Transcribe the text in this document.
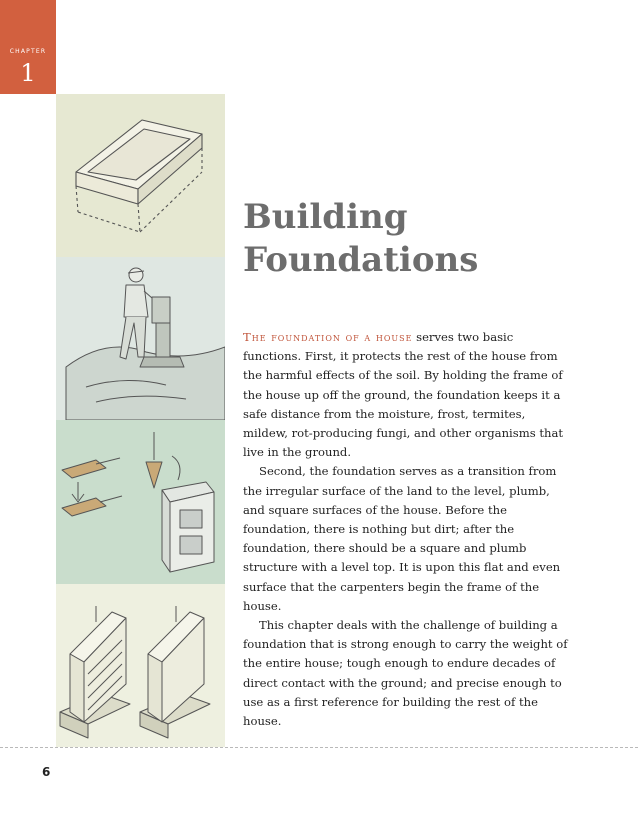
CHAPTER
1
Building
Foundations

The foundation of a house serves two basic functions. First, it protects the rest of the house from the harmful effects of the soil. By holding the frame of the house up off the ground, the foundation keeps it a safe distance from the moisture, frost, termites, mildew, rot-producing fungi, and other organisms that live in the ground.

Second, the foundation serves as a transition from the irregular surface of the land to the level, plumb, and square surfaces of the house. Before the foundation, there is nothing but dirt; after the foundation, there should be a square and plumb structure with a level top. It is upon this flat and even surface that the carpenters begin the frame of the house.

This chapter deals with the challenge of building a foundation that is strong enough to carry the weight of the entire house; tough enough to endure decades of direct contact with the ground; and precise enough to use as a first reference for building the rest of the house.

6
